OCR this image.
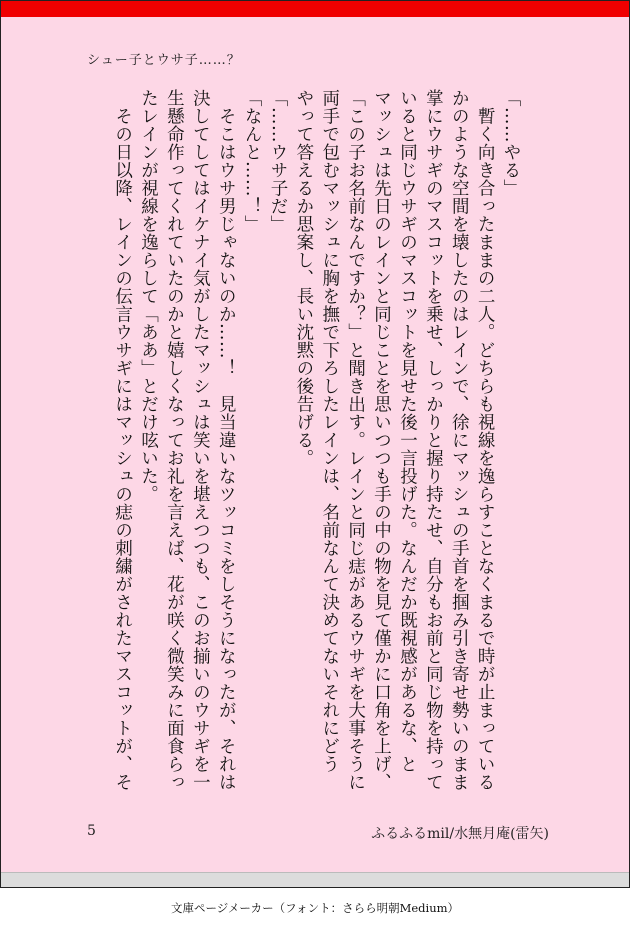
シュー子とウサ子……？
「……やる」
　暫く向き合ったままの二人。どちらも視線を逸らすことなくまるで時が止まっている
かのような空間を壊したのはレインで、徐にマッシュの手首を掴み引き寄せ勢いのまま
掌にウサギのマスコットを乗せ、しっかりと握り持たせ、自分もお前と同じ物を持って
いると同じウサギのマスコットを見せた後一言投げた。なんだか既視感があるな、と
マッシュは先日のレインと同じことを思いつつも手の中の物を見て僅かに口角を上げ、
「この子お名前なんですか？」と聞き出す。レインと同じ痣があるウサギを大事そうに
両手で包むマッシュに胸を撫で下ろしたレインは、名前なんて決めてないそれにどう
やって答えるか思案し、長い沈黙の後告げる。
「……ウサ子だ」
「なんと……！」
　そこはウサ男じゃないのか……！　見当違いなツッコミをしそうになったが、それは
決してしてはイケナイ気がしたマッシュは笑いを堪えつつも、このお揃いのウサギを一
生懸命作ってくれていたのかと嬉しくなってお礼を言えば、花が咲く微笑みに面食らっ
たレインが視線を逸らして「ああ」とだけ呟いた。
　その日以降、レインの伝言ウサギにはマッシュの痣の刺繍がされたマスコットが、そ
5	ふるふるmil/水無月庵(雷矢)
文庫ページメーカー（フォント：さらら明朝Medium）
